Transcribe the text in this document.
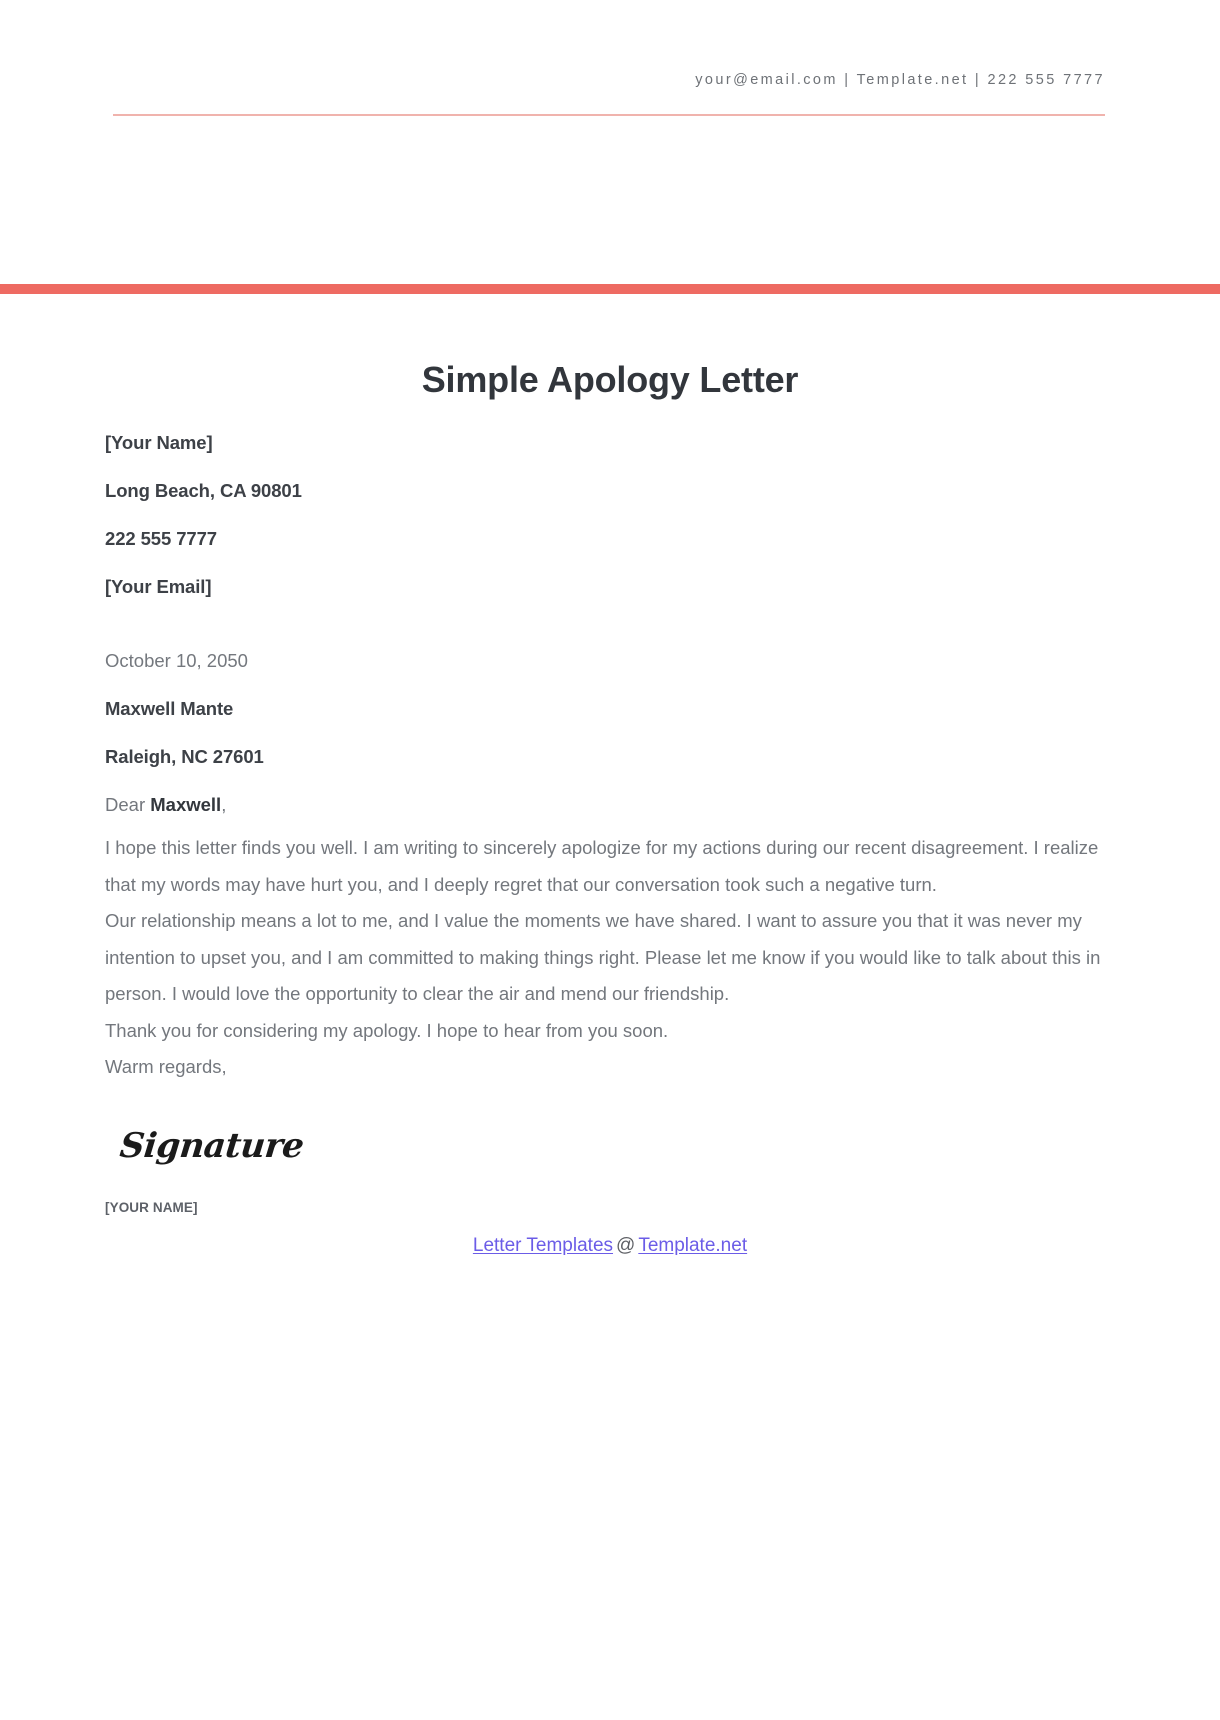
your@email.com | Template.net | 222 555 7777
Simple Apology Letter

[Your Name]

Long Beach, CA 90801

222 555 7777

[Your Email]

October 10, 2050

Maxwell Mante

Raleigh, NC 27601

Dear Maxwell,

I hope this letter finds you well. I am writing to sincerely apologize for my actions during our recent disagreement. I realize that my words may have hurt you, and I deeply regret that our conversation took such a negative turn.

Our relationship means a lot to me, and I value the moments we have shared. I want to assure you that it was never my intention to upset you, and I am committed to making things right. Please let me know if you would like to talk about this in person. I would love the opportunity to clear the air and mend our friendship.

Thank you for considering my apology. I hope to hear from you soon.

Warm regards,

Signature
[YOUR NAME]
Letter Templates @ Template.net
